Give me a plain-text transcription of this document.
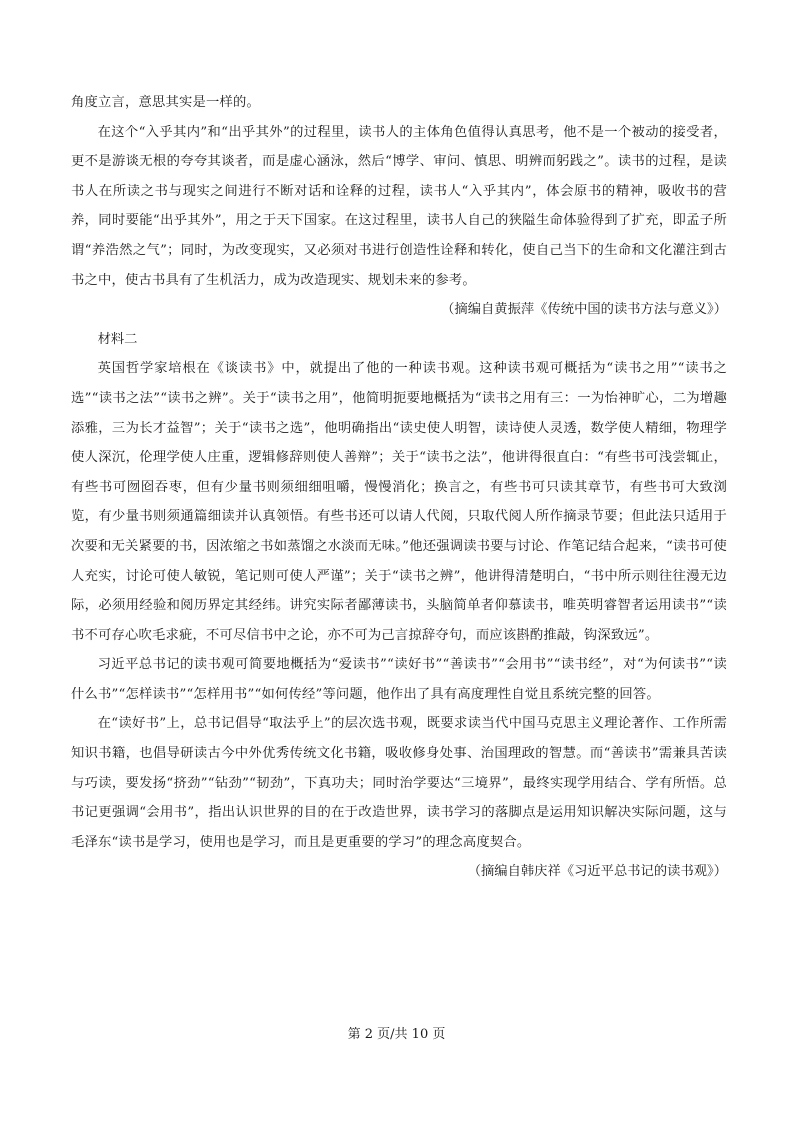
角度立言，意思其实是一样的。

在这个“入乎其内”和“出乎其外”的过程里，读书人的主体角色值得认真思考，他不是一个被动的接受者，更不是游谈无根的夸夸其谈者，而是虚心涵泳，然后“博学、审问、慎思、明辨而躬践之”。读书的过程，是读书人在所读之书与现实之间进行不断对话和诠释的过程，读书人“入乎其内”，体会原书的精神，吸收书的营养，同时要能“出乎其外”，用之于天下国家。在这过程里，读书人自己的狭隘生命体验得到了扩充，即孟子所谓“养浩然之气”；同时，为改变现实，又必须对书进行创造性诠释和转化，使自己当下的生命和文化灌注到古书之中，使古书具有了生机活力，成为改造现实、规划未来的参考。

（摘编自黄振萍《传统中国的读书方法与意义》）

材料二

英国哲学家培根在《谈读书》中，就提出了他的一种读书观。这种读书观可概括为“读书之用”“读书之选”“读书之法”“读书之辨”。关于“读书之用”，他简明扼要地概括为“读书之用有三：一为怡神旷心，二为增趣添雅，三为长才益智”；关于“读书之选”，他明确指出“读史使人明智，读诗使人灵透，数学使人精细，物理学使人深沉，伦理学使人庄重，逻辑修辞则使人善辩”；关于“读书之法”，他讲得很直白：“有些书可浅尝辄止，有些书可囫囵吞枣，但有少量书则须细细咀嚼，慢慢消化；换言之，有些书可只读其章节，有些书可大致浏览，有少量书则须通篇细读并认真领悟。有些书还可以请人代阅，只取代阅人所作摘录节要；但此法只适用于次要和无关紧要的书，因浓缩之书如蒸馏之水淡而无味。”他还强调读书要与讨论、作笔记结合起来，“读书可使人充实，讨论可使人敏锐，笔记则可使人严谨”；关于“读书之辨”，他讲得清楚明白，“书中所示则往往漫无边际，必须用经验和阅历界定其经纬。讲究实际者鄙薄读书，头脑简单者仰慕读书，唯英明睿智者运用读书”“读书不可存心吹毛求疵，不可尽信书中之论，亦不可为己言掠辞夺句，而应该斟酌推敲，钩深致远”。

习近平总书记的读书观可简要地概括为“爱读书”“读好书”“善读书”“会用书”“读书经”，对“为何读书”“读什么书”“怎样读书”“怎样用书”“如何传经”等问题，他作出了具有高度理性自觉且系统完整的回答。

在“读好书”上，总书记倡导“取法乎上”的层次选书观，既要求读当代中国马克思主义理论著作、工作所需知识书籍，也倡导研读古今中外优秀传统文化书籍，吸收修身处事、治国理政的智慧。而“善读书”需兼具苦读与巧读，要发扬“挤劲”“钻劲”“韧劲”，下真功夫；同时治学要达“三境界”，最终实现学用结合、学有所悟。总书记更强调“会用书”，指出认识世界的目的在于改造世界，读书学习的落脚点是运用知识解决实际问题，这与毛泽东“读书是学习，使用也是学习，而且是更重要的学习”的理念高度契合。

（摘编自韩庆祥《习近平总书记的读书观》）

第 2 页/共 10 页
